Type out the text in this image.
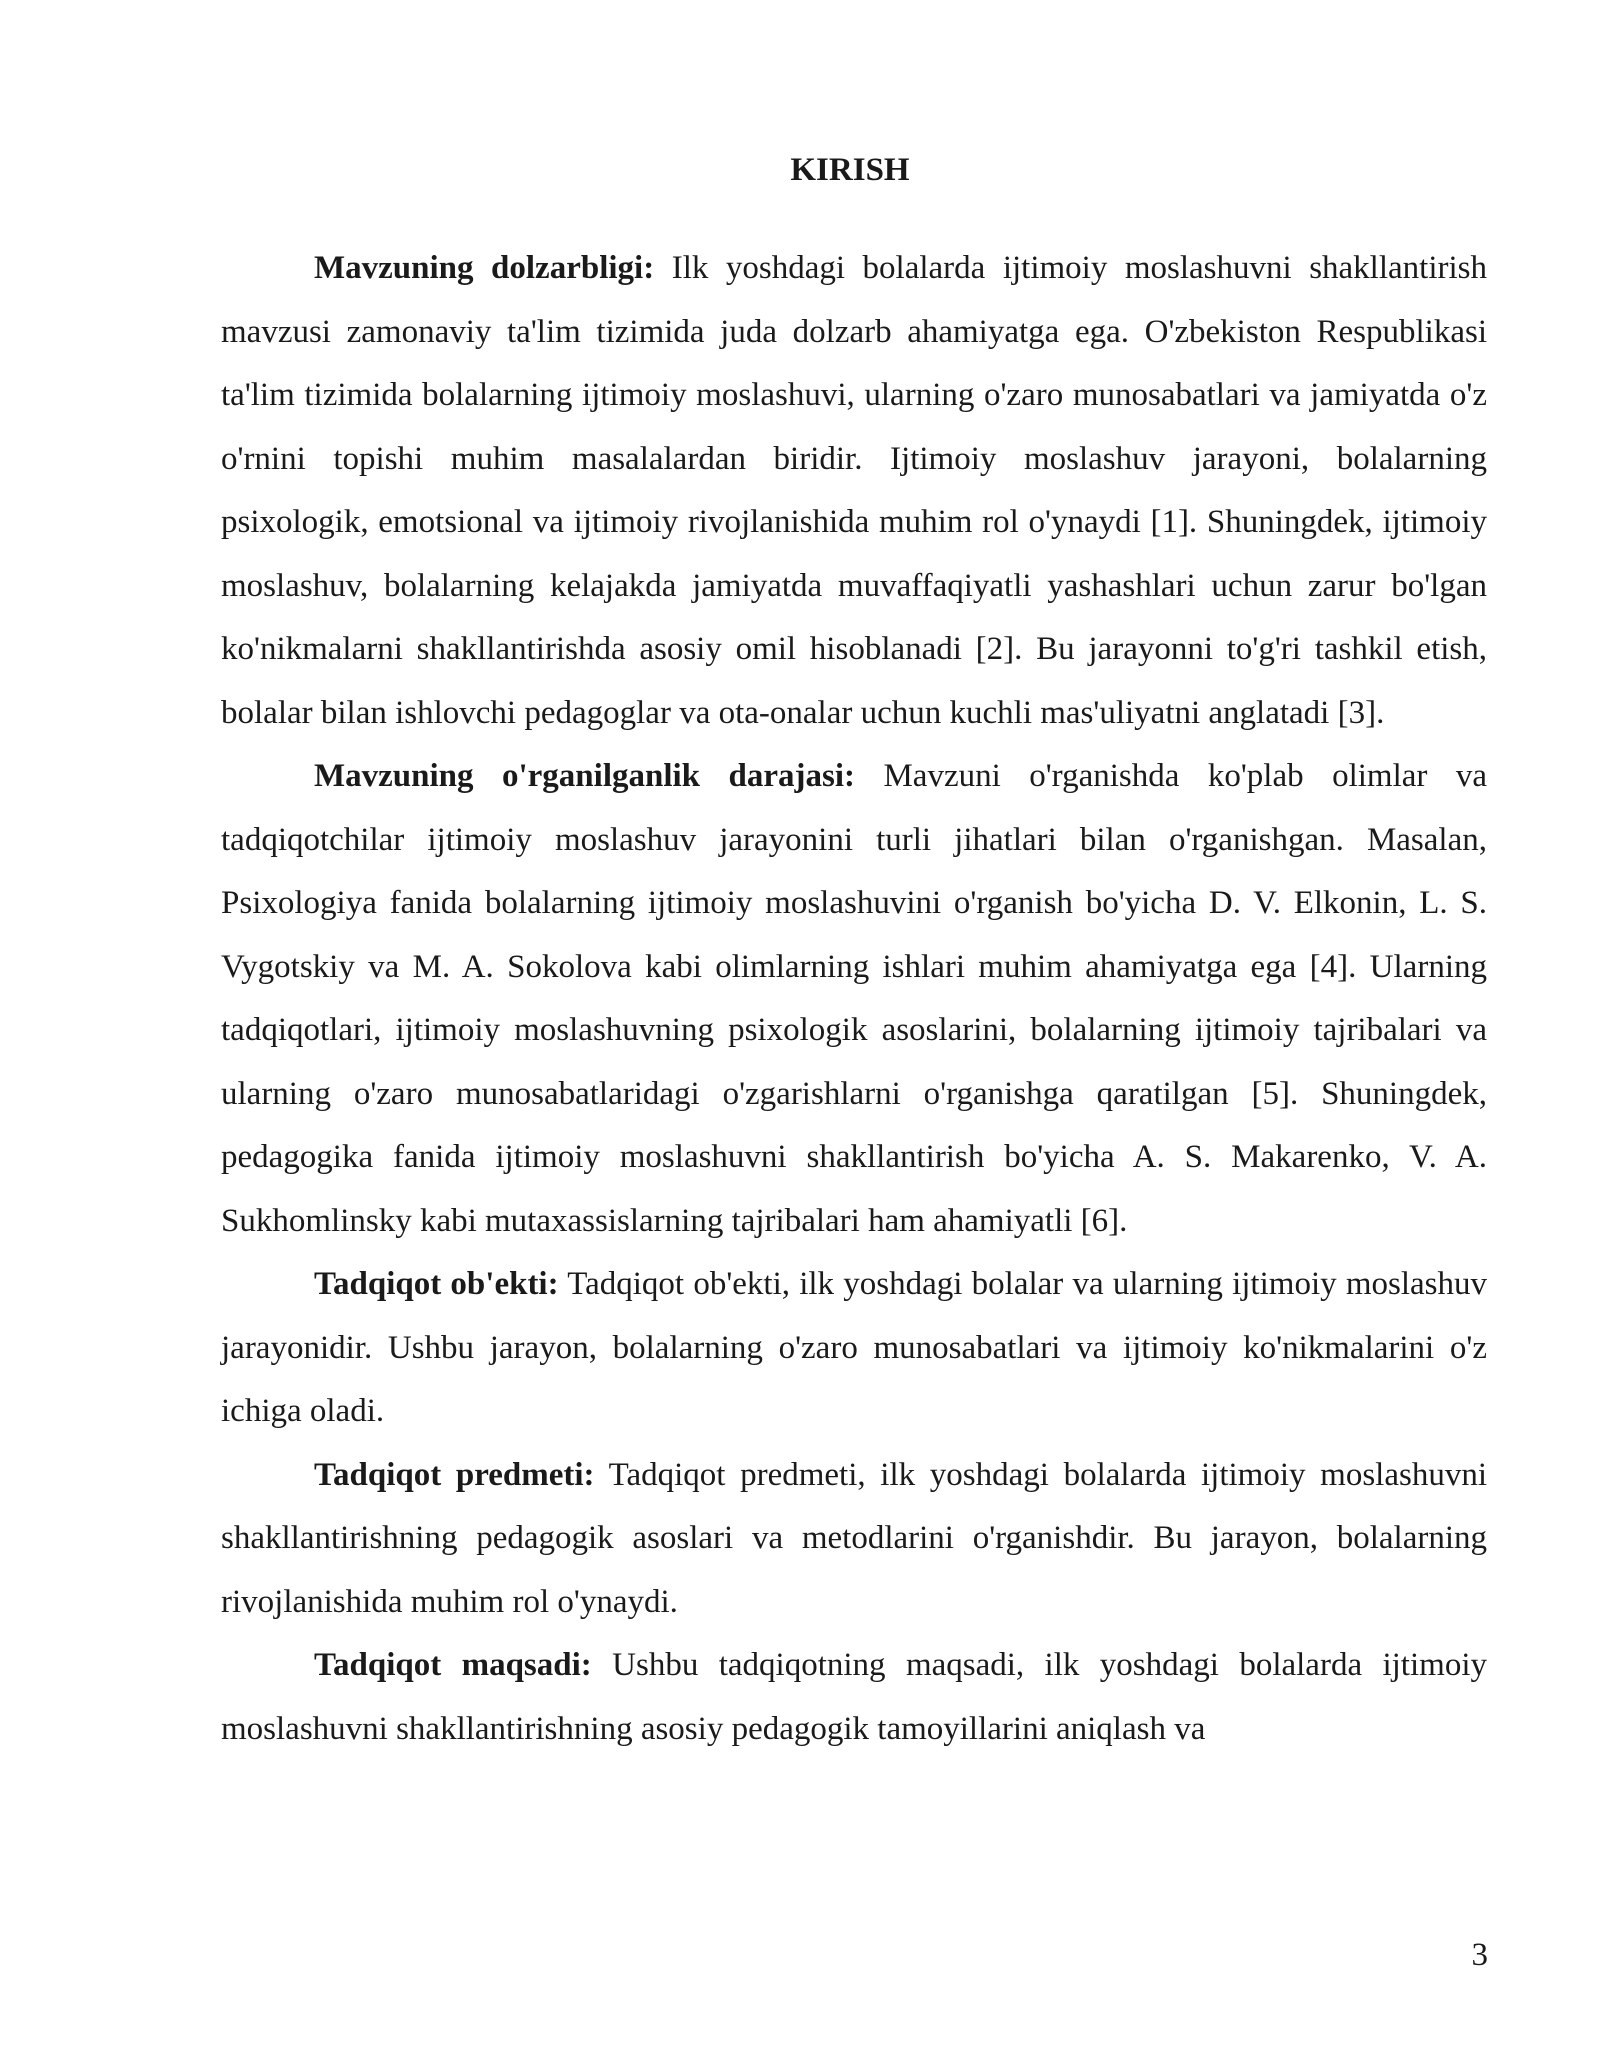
KIRISH

Mavzuning dolzarbligi: Ilk yoshdagi bolalarda ijtimoiy moslashuvni shakllantirish mavzusi zamonaviy ta'lim tizimida juda dolzarb ahamiyatga ega. O'zbekiston Respublikasi ta'lim tizimida bolalarning ijtimoiy moslashuvi, ularning o'zaro munosabatlari va jamiyatda o'z o'rnini topishi muhim masalalardan biridir. Ijtimoiy moslashuv jarayoni, bolalarning psixologik, emotsional va ijtimoiy rivojlanishida muhim rol o'ynaydi [1]. Shuningdek, ijtimoiy moslashuv, bolalarning kelajakda jamiyatda muvaffaqiyatli yashashlari uchun zarur bo'lgan ko'nikmalarni shakllantirishda asosiy omil hisoblanadi [2]. Bu jarayonni to'g'ri tashkil etish, bolalar bilan ishlovchi pedagoglar va ota-onalar uchun kuchli mas'uliyatni anglatadi [3].

Mavzuning o'rganilganlik darajasi: Mavzuni o'rganishda ko'plab olimlar va tadqiqotchilar ijtimoiy moslashuv jarayonini turli jihatlari bilan o'rganishgan. Masalan, Psixologiya fanida bolalarning ijtimoiy moslashuvini o'rganish bo'yicha D. V. Elkonin, L. S. Vygotskiy va M. A. Sokolova kabi olimlarning ishlari muhim ahamiyatga ega [4]. Ularning tadqiqotlari, ijtimoiy moslashuvning psixologik asoslarini, bolalarning ijtimoiy tajribalari va ularning o'zaro munosabatlaridagi o'zgarishlarni o'rganishga qaratilgan [5]. Shuningdek, pedagogika fanida ijtimoiy moslashuvni shakllantirish bo'yicha A. S. Makarenko, V. A. Sukhomlinsky kabi mutaxassislarning tajribalari ham ahamiyatli [6].

Tadqiqot ob'ekti: Tadqiqot ob'ekti, ilk yoshdagi bolalar va ularning ijtimoiy moslashuv jarayonidir. Ushbu jarayon, bolalarning o'zaro munosabatlari va ijtimoiy ko'nikmalarini o'z ichiga oladi.

Tadqiqot predmeti: Tadqiqot predmeti, ilk yoshdagi bolalarda ijtimoiy moslashuvni shakllantirishning pedagogik asoslari va metodlarini o'rganishdir. Bu jarayon, bolalarning rivojlanishida muhim rol o'ynaydi.

Tadqiqot maqsadi: Ushbu tadqiqotning maqsadi, ilk yoshdagi bolalarda ijtimoiy moslashuvni shakllantirishning asosiy pedagogik tamoyillarini aniqlash va

3
